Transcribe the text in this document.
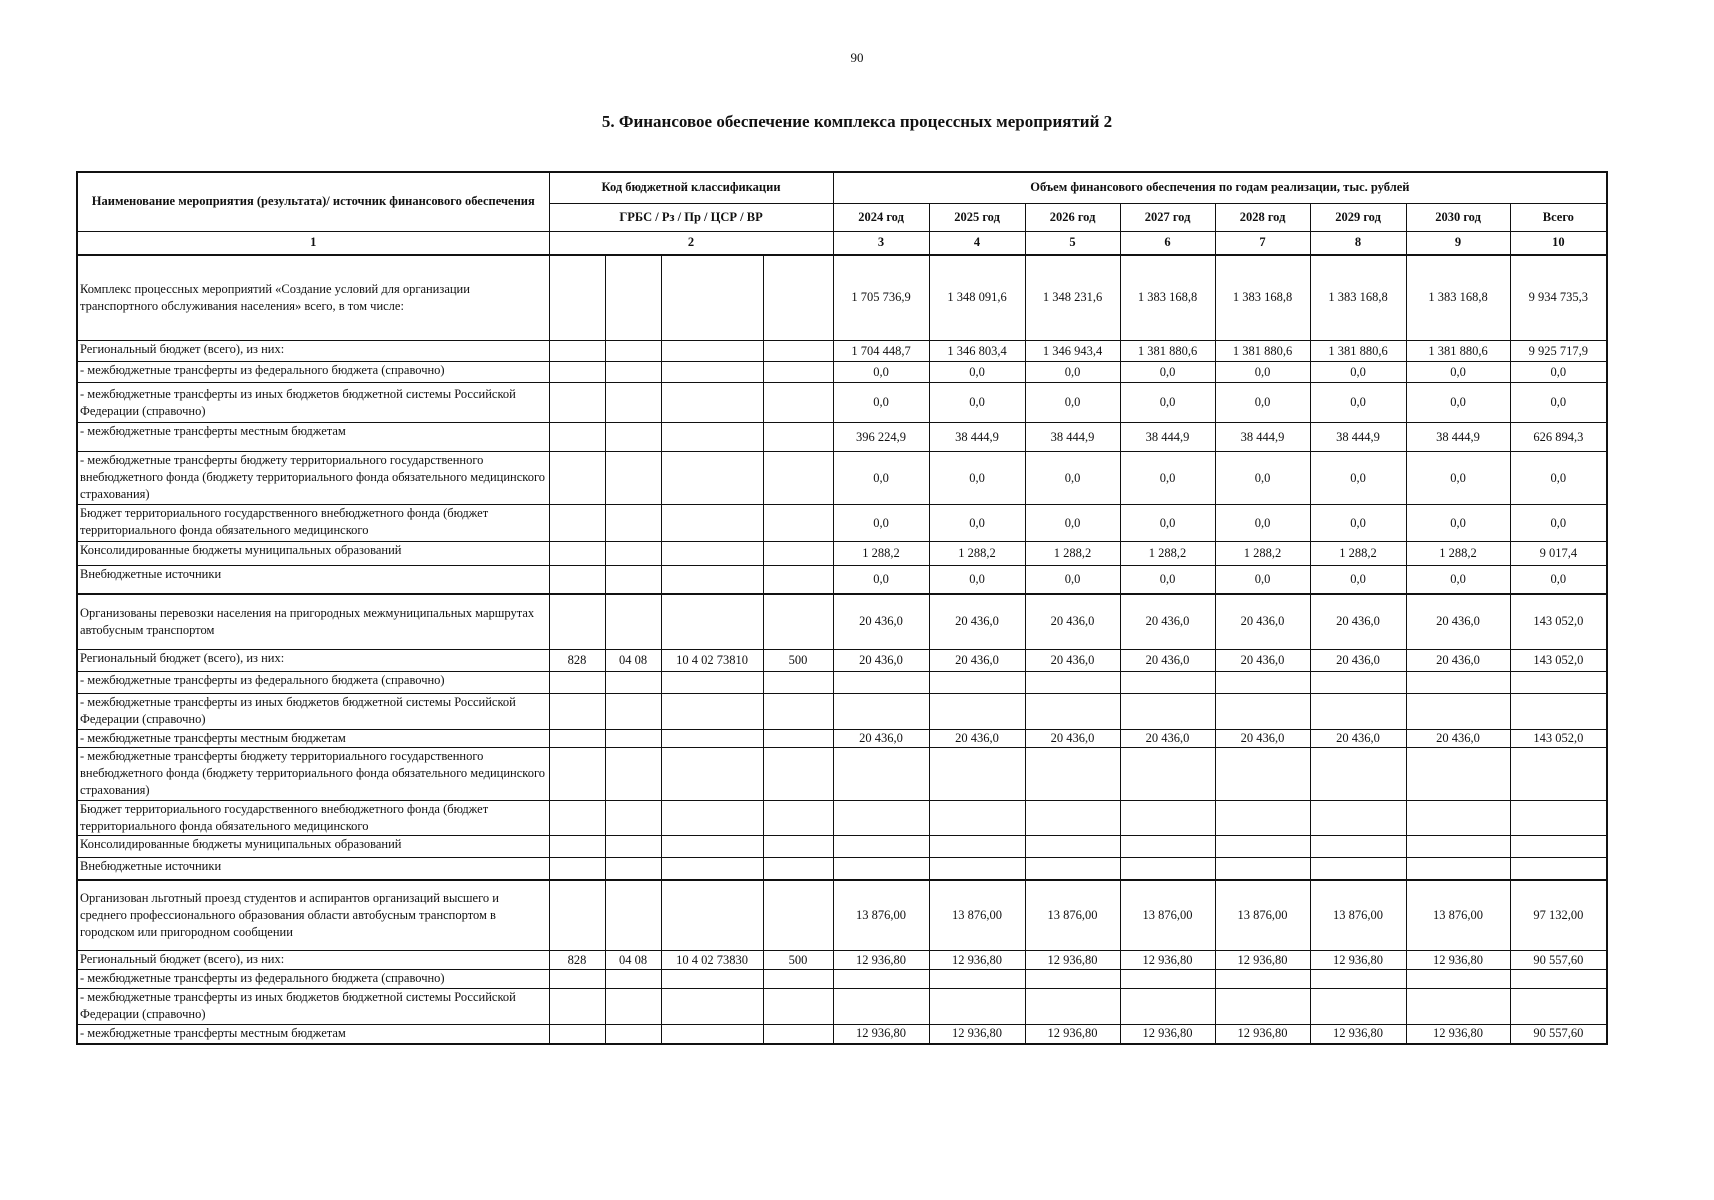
90
5. Финансовое обеспечение комплекса процессных мероприятий 2
Наименование мероприятия (результата)/ источник финансового обеспечения	Код бюджетной классификации				Объем финансового обеспечения по годам реализации, тыс. рублей							
	ГРБС / Рз / Пр / ЦСР / ВР				2024 год	2025 год	2026 год	2027 год	2028 год	2029 год	2030 год	Всего
1	2				3	4	5	6	7	8	9	10
Комплекс процессных мероприятий «Создание условий для организации транспортного обслуживания населения» всего, в том числе:					1 705 736,9	1 348 091,6	1 348 231,6	1 383 168,8	1 383 168,8	1 383 168,8	1 383 168,8	9 934 735,3
Региональный бюджет (всего), из них:					1 704 448,7	1 346 803,4	1 346 943,4	1 381 880,6	1 381 880,6	1 381 880,6	1 381 880,6	9 925 717,9
- межбюджетные трансферты из федерального бюджета (справочно)					0,0	0,0	0,0	0,0	0,0	0,0	0,0	0,0
- межбюджетные трансферты из иных бюджетов бюджетной системы Российской Федерации (справочно)					0,0	0,0	0,0	0,0	0,0	0,0	0,0	0,0
- межбюджетные трансферты местным бюджетам					396 224,9	38 444,9	38 444,9	38 444,9	38 444,9	38 444,9	38 444,9	626 894,3
- межбюджетные трансферты бюджету территориального государственного внебюджетного фонда (бюджету территориального фонда обязательного медицинского страхования)					0,0	0,0	0,0	0,0	0,0	0,0	0,0	0,0
Бюджет территориального государственного внебюджетного фонда (бюджет территориального фонда обязательного медицинского					0,0	0,0	0,0	0,0	0,0	0,0	0,0	0,0
Консолидированные бюджеты муниципальных образований					1 288,2	1 288,2	1 288,2	1 288,2	1 288,2	1 288,2	1 288,2	9 017,4
Внебюджетные источники					0,0	0,0	0,0	0,0	0,0	0,0	0,0	0,0
Организованы перевозки населения на пригородных межмуниципальных маршрутах автобусным транспортом					20 436,0	20 436,0	20 436,0	20 436,0	20 436,0	20 436,0	20 436,0	143 052,0
Региональный бюджет (всего), из них:	828	04 08	10 4 02 73810	500	20 436,0	20 436,0	20 436,0	20 436,0	20 436,0	20 436,0	20 436,0	143 052,0
- межбюджетные трансферты из федерального бюджета (справочно)												
- межбюджетные трансферты из иных бюджетов бюджетной системы Российской Федерации (справочно)												
- межбюджетные трансферты местным бюджетам					20 436,0	20 436,0	20 436,0	20 436,0	20 436,0	20 436,0	20 436,0	143 052,0
- межбюджетные трансферты бюджету территориального государственного внебюджетного фонда (бюджету территориального фонда обязательного медицинского страхования)												
Бюджет территориального государственного внебюджетного фонда (бюджет территориального фонда обязательного медицинского												
Консолидированные бюджеты муниципальных образований												
Внебюджетные источники												
Организован льготный проезд студентов и аспирантов организаций высшего и среднего профессионального образования области автобусным транспортом в городском или пригородном сообщении					13 876,00	13 876,00	13 876,00	13 876,00	13 876,00	13 876,00	13 876,00	97 132,00
Региональный бюджет (всего), из них:	828	04 08	10 4 02 73830	500	12 936,80	12 936,80	12 936,80	12 936,80	12 936,80	12 936,80	12 936,80	90 557,60
- межбюджетные трансферты из федерального бюджета (справочно)												
- межбюджетные трансферты из иных бюджетов бюджетной системы Российской Федерации (справочно)												
- межбюджетные трансферты местным бюджетам					12 936,80	12 936,80	12 936,80	12 936,80	12 936,80	12 936,80	12 936,80	90 557,60
